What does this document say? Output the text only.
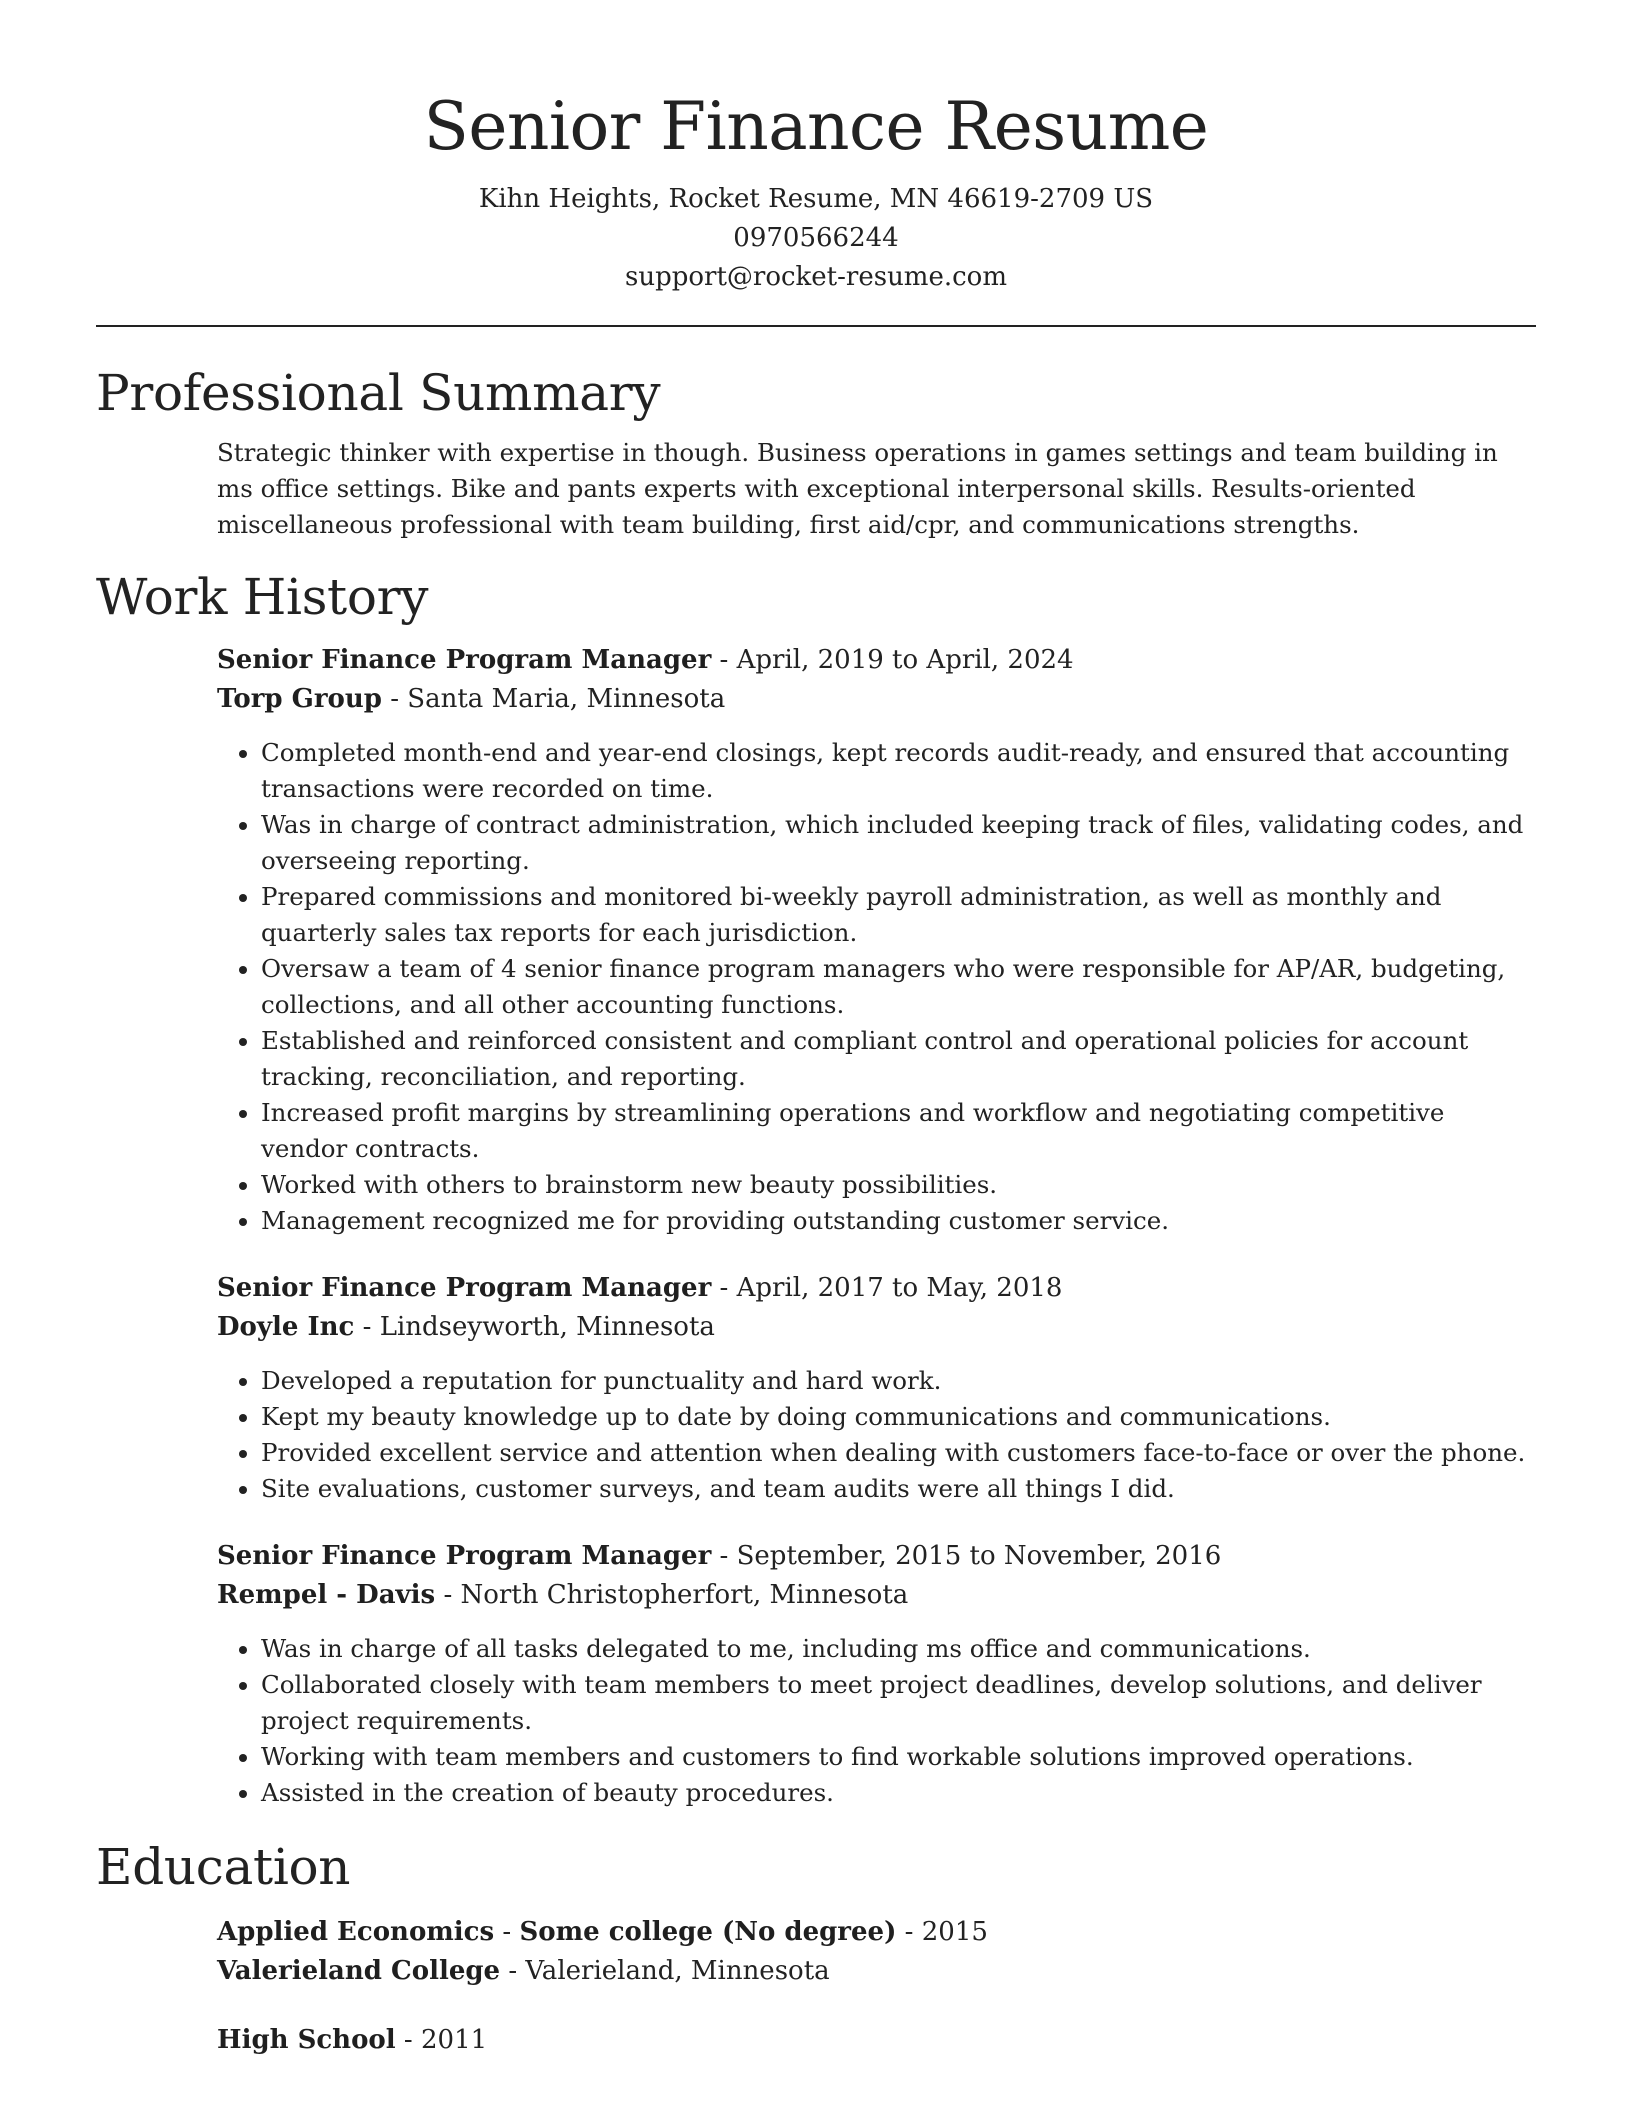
Senior Finance Resume
Kihn Heights, Rocket Resume, MN 46619-2709 US
0970566244
support@rocket-resume.com
Professional Summary
Strategic thinker with expertise in though. Business operations in games settings and team building in ms office settings. Bike and pants experts with exceptional interpersonal skills. Results-oriented miscellaneous professional with team building, first aid/cpr, and communications strengths.
Work History
Senior Finance Program Manager - April, 2019 to April, 2024
Torp Group - Santa Maria, Minnesota
• Completed month-end and year-end closings, kept records audit-ready, and ensured that accounting transactions were recorded on time.
• Was in charge of contract administration, which included keeping track of files, validating codes, and overseeing reporting.
• Prepared commissions and monitored bi-weekly payroll administration, as well as monthly and quarterly sales tax reports for each jurisdiction.
• Oversaw a team of 4 senior finance program managers who were responsible for AP/AR, budgeting, collections, and all other accounting functions.
• Established and reinforced consistent and compliant control and operational policies for account tracking, reconciliation, and reporting.
• Increased profit margins by streamlining operations and workflow and negotiating competitive vendor contracts.
• Worked with others to brainstorm new beauty possibilities.
• Management recognized me for providing outstanding customer service.
Senior Finance Program Manager - April, 2017 to May, 2018
Doyle Inc - Lindseyworth, Minnesota
• Developed a reputation for punctuality and hard work.
• Kept my beauty knowledge up to date by doing communications and communications.
• Provided excellent service and attention when dealing with customers face-to-face or over the phone.
• Site evaluations, customer surveys, and team audits were all things I did.
Senior Finance Program Manager - September, 2015 to November, 2016
Rempel - Davis - North Christopherfort, Minnesota
• Was in charge of all tasks delegated to me, including ms office and communications.
• Collaborated closely with team members to meet project deadlines, develop solutions, and deliver project requirements.
• Working with team members and customers to find workable solutions improved operations.
• Assisted in the creation of beauty procedures.
Education
Applied Economics - Some college (No degree) - 2015
Valerieland College - Valerieland, Minnesota
High School - 2011
